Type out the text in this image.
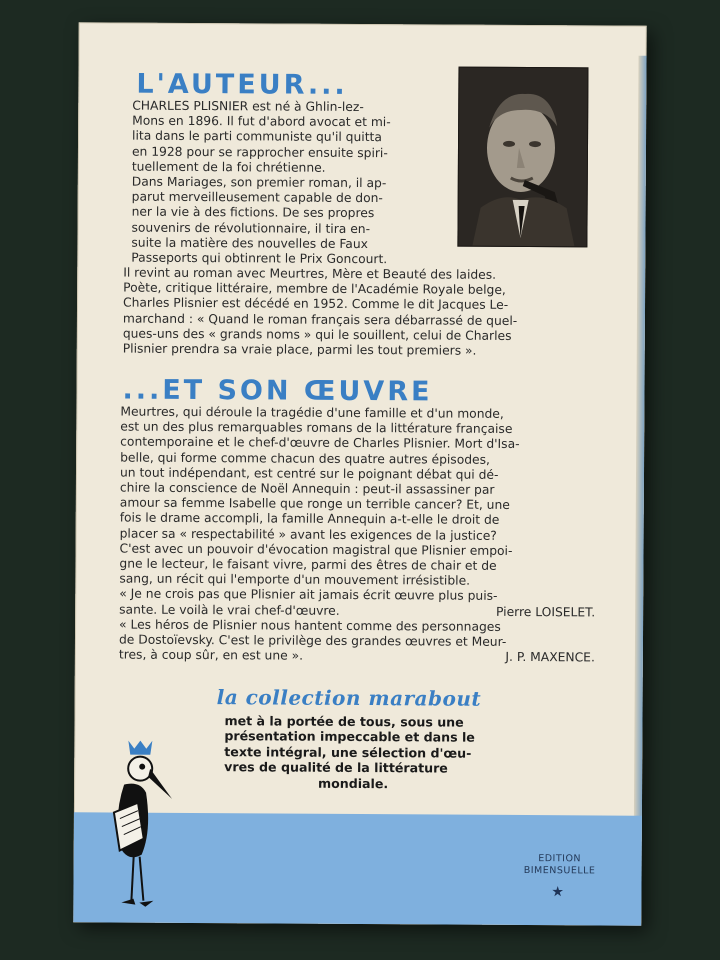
L'AUTEUR...

CHARLES PLISNIER est né à Ghlin-lez-

Mons en 1896. Il fut d'abord avocat et mi-

lita dans le parti communiste qu'il quitta

en 1928 pour se rapprocher ensuite spiri-

tuellement de la foi chrétienne.

Dans Mariages, son premier roman, il ap-

parut merveilleusement capable de don-

ner la vie à des fictions. De ses propres

souvenirs de révolutionnaire, il tira en-

suite la matière des nouvelles de Faux

Passeports qui obtinrent le Prix Goncourt.

Il revint au roman avec Meurtres, Mère et Beauté des laides.

Poète, critique littéraire, membre de l'Académie Royale belge,

Charles Plisnier est décédé en 1952. Comme le dit Jacques Le-

marchand : « Quand le roman français sera débarrassé de quel-

ques-uns des « grands noms » qui le souillent, celui de Charles

Plisnier prendra sa vraie place, parmi les tout premiers ».

...ET SON ŒUVRE

Meurtres, qui déroule la tragédie d'une famille et d'un monde,

est un des plus remarquables romans de la littérature française

contemporaine et le chef-d'œuvre de Charles Plisnier. Mort d'Isa-

belle, qui forme comme chacun des quatre autres épisodes,

un tout indépendant, est centré sur le poignant débat qui dé-

chire la conscience de Noël Annequin : peut-il assassiner par

amour sa femme Isabelle que ronge un terrible cancer? Et, une

fois le drame accompli, la famille Annequin a-t-elle le droit de

placer sa « respectabilité » avant les exigences de la justice?

C'est avec un pouvoir d'évocation magistral que Plisnier empoi-

gne le lecteur, le faisant vivre, parmi des êtres de chair et de

sang, un récit qui l'emporte d'un mouvement irrésistible.

« Je ne crois pas que Plisnier ait jamais écrit œuvre plus puis-

sante. Le voilà le vrai chef-d'œuvre.	Pierre LOISELET.

« Les héros de Plisnier nous hantent comme des personnages

de Dostoïevsky. C'est le privilège des grandes œuvres et Meur-

tres, à coup sûr, en est une ».	J. P. MAXENCE.

la collection marabout

met à la portée de tous, sous une
présentation impeccable et dans le
texte intégral, une sélection d'œu-
vres de qualité de la littérature
mondiale.
EDITION
BIMENSUELLE
★
